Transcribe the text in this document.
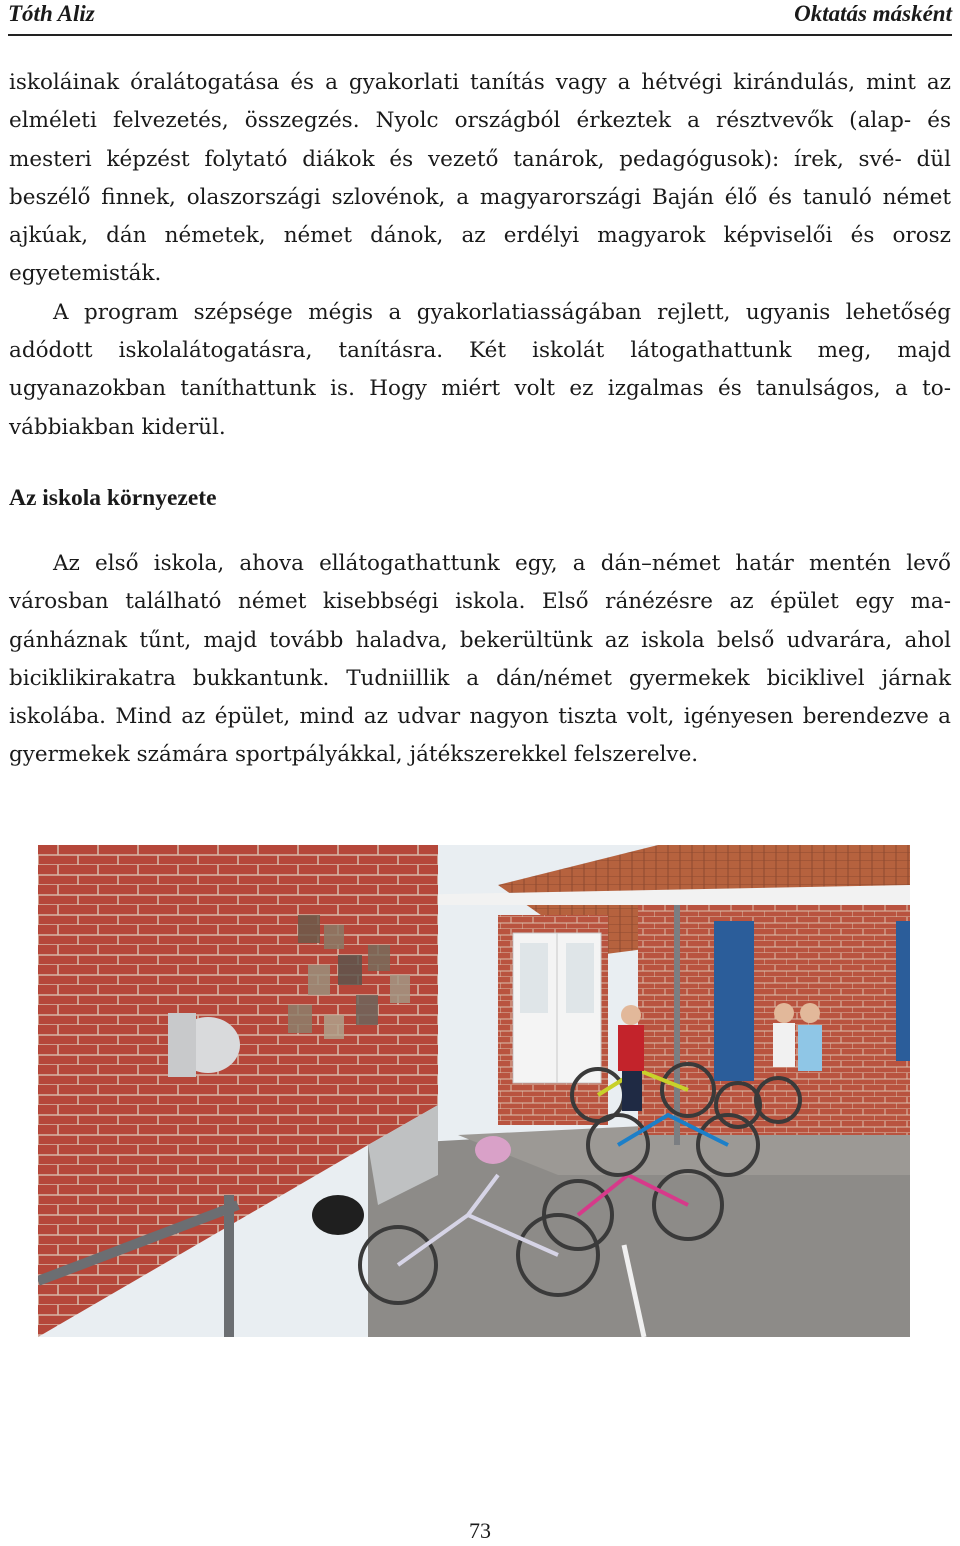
Tóth Aliz	Oktatás másként

iskoláinak óralátogatása és a gyakorlati tanítás vagy a hétvégi kirándulás, mint az elméleti felvezetés, összegzés. Nyolc országból érkeztek a résztvevők (alap- és mesteri képzést folytató diákok és vezető tanárok, pedagógusok): írek, své- dül beszélő finnek, olaszországi szlovénok, a magyarországi Baján élő és tanuló német ajkúak, dán németek, német dánok, az erdélyi magyarok képviselői és orosz egyetemisták.

A program szépsége mégis a gyakorlatiasságában rejlett, ugyanis lehetőség adódott iskolalátogatásra, tanításra. Két iskolát látogathattunk meg, majd ugyanazokban taníthattunk is. Hogy miért volt ez izgalmas és tanulságos, a to- vábbiakban kiderül.

Az iskola környezete

Az első iskola, ahova ellátogathattunk egy, a dán–német határ mentén levő városban található német kisebbségi iskola. Első ránézésre az épület egy ma- gánháznak tűnt, majd tovább haladva, bekerültünk az iskola belső udvarára, ahol biciklikirakatra bukkantunk. Tudniillik a dán/német gyermekek biciklivel járnak iskolába. Mind az épület, mind az udvar nagyon tiszta volt, igényesen berendezve a gyermekek számára sportpályákkal, játékszerekkel felszerelve.

73
